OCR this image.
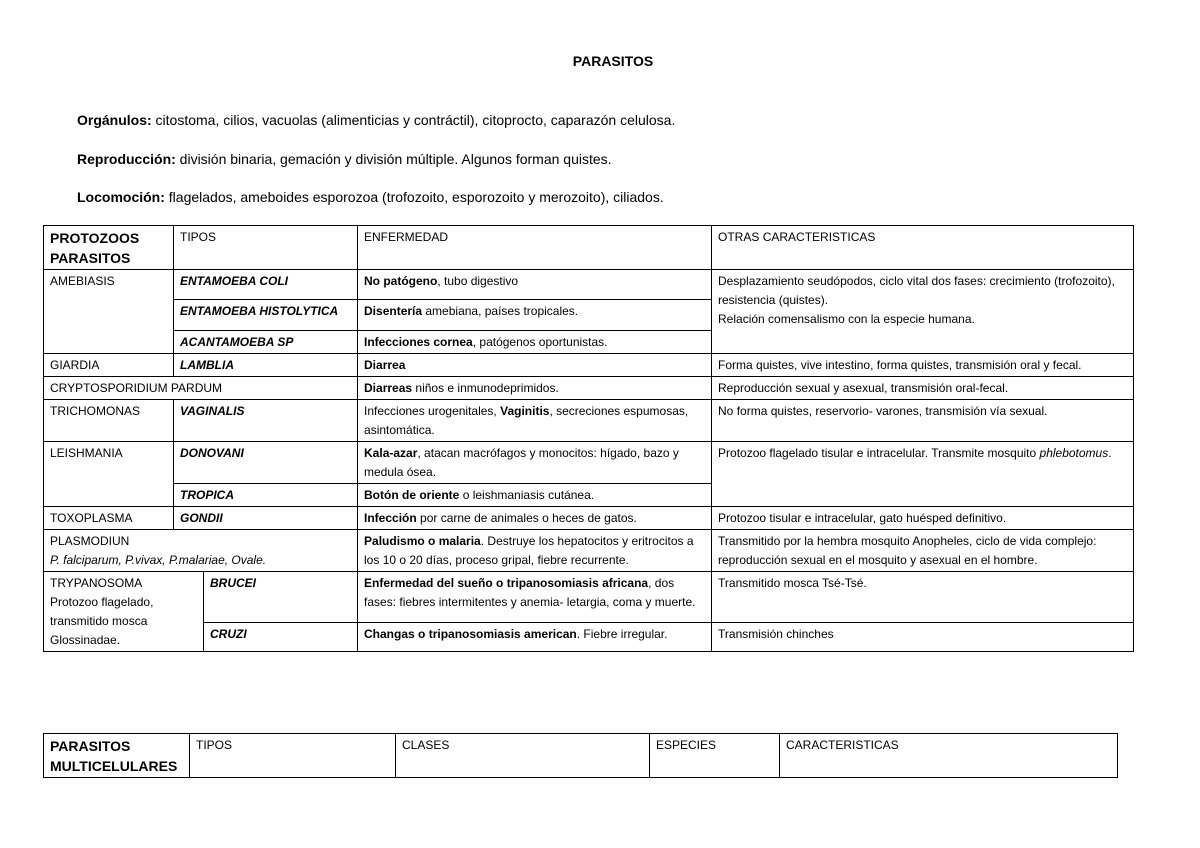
PARASITOS
Orgánulos: citostoma, cilios, vacuolas (alimenticias y contráctil), citoprocto, caparazón celulosa.
Reproducción: división binaria, gemación y división múltiple. Algunos forman quistes.
Locomoción: flagelados, ameboides esporozoa (trofozoito, esporozoito y merozoito), ciliados.
PROTOZOOS PARASITOS	TIPOS		ENFERMEDAD	OTRAS CARACTERISTICAS
AMEBIASIS	ENTAMOEBA COLI		No patógeno, tubo digestivo	Desplazamiento seudópodos, ciclo vital dos fases: crecimiento (trofozoito), resistencia (quistes).
Relación comensalismo con la especie humana.

	ENTAMOEBA HISTOLYTICA		Disentería amebiana, países tropicales.	
	ACANTAMOEBA SP		Infecciones cornea, patógenos oportunistas.	
GIARDIA	LAMBLIA		Diarrea	Forma quistes, vive intestino, forma quistes, transmisión oral y fecal.
CRYPTOSPORIDIUM PARDUM			Diarreas niños e inmunodeprimidos.	Reproducción sexual y asexual, transmisión oral-fecal.
TRICHOMONAS	VAGINALIS		Infecciones urogenitales, Vaginitis, secreciones espumosas, asintomática.	No forma quistes, reservorio- varones, transmisión vía sexual.
LEISHMANIA	DONOVANI		Kala-azar, atacan macrófagos y monocitos: hígado, bazo y medula ósea.	Protozoo flagelado tisular e intracelular. Transmite mosquito phlebotomus.
	TROPICA		Botón de oriente o leishmaniasis cutánea.	
TOXOPLASMA	GONDII		Infección por carne de animales o heces de gatos.	Protozoo tisular e intracelular, gato huésped definitivo.

PLASMODIUN
P. falciparum, P.vivax, P.malariae, Ovale.			Paludismo o malaria. Destruye los hepatocitos y eritrocitos a los 10 o 20 días, proceso gripal, fiebre recurrente.	Transmitido por la hembra mosquito Anopheles, ciclo de vida complejo: reproducción sexual en el mosquito y asexual en el hombre.

TRYPANOSOMA
Protozoo flagelado, transmitido mosca Glossinadae.		BRUCEI	Enfermedad del sueño o tripanosomiasis africana, dos fases: fiebres intermitentes y anemia- letargia, coma y muerte.	Transmitido mosca Tsé-Tsé.
		CRUZI	Changas o tripanosomiasis american. Fiebre irregular.	Transmisión chinches
PARASITOS MULTICELULARES	TIPOS	CLASES	ESPECIES	CARACTERISTICAS
